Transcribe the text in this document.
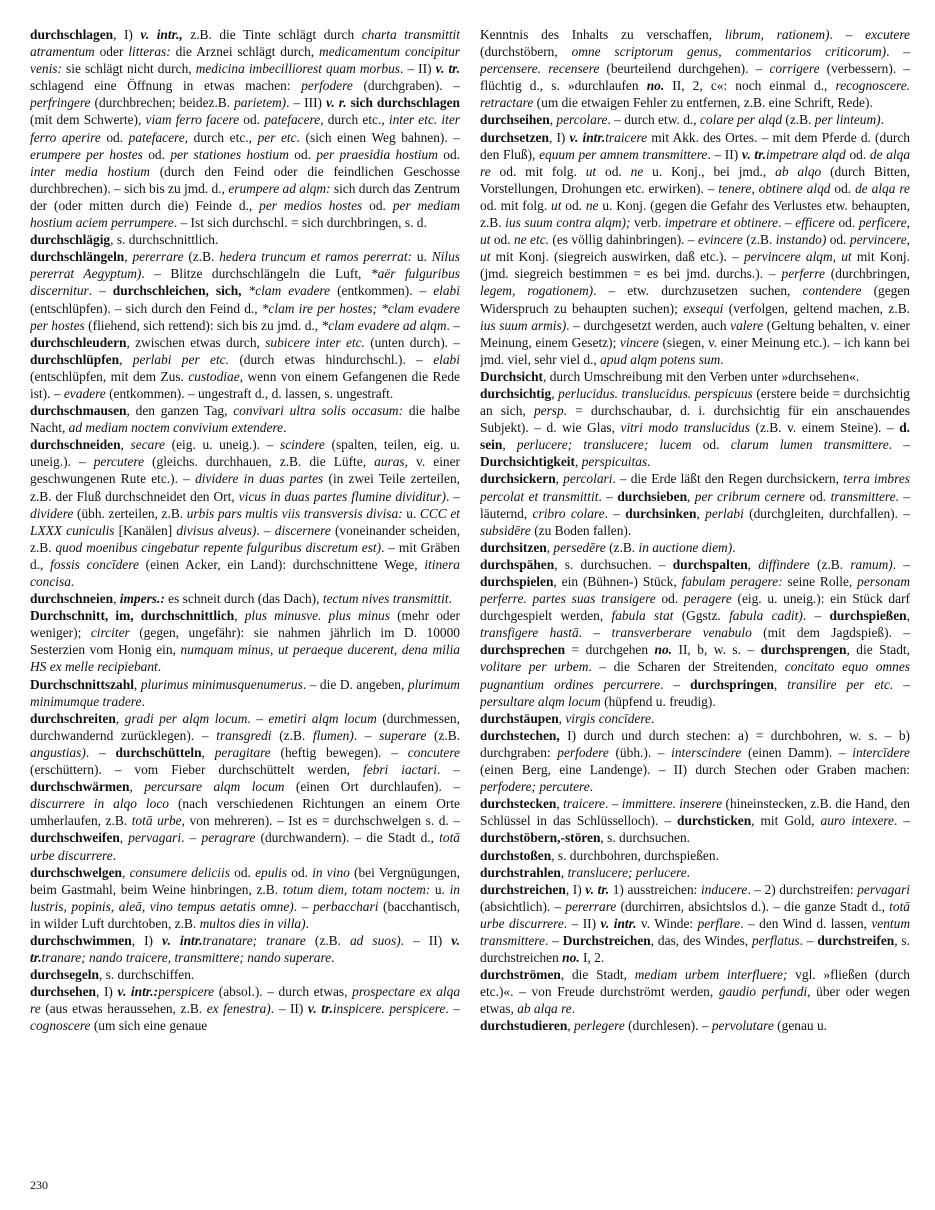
durchschlagen, I) v. intr., z.B. die Tinte schlägt durch charta transmittit atramentum oder litteras: die Arznei schlägt durch, medicamentum concipitur venis: sie schlägt nicht durch, medicina imbecilliorest quam morbus. – II) v. tr. schlagend eine Öffnung in etwas machen: perfodere (durchgraben). – perfringere (durchbrechen; beidez.B. parietem). – III) v. r. sich durchschlagen (mit dem Schwerte), viam ferro facere od. patefacere, durch etc., inter etc. iter ferro aperire od. patefacere, durch etc., per etc. (sich einen Weg bahnen). – erumpere per hostes od. per stationes hostium od. per praesidia hostium od. inter media hostium (durch den Feind oder die feindlichen Geschosse durchbrechen). – sich bis zu jmd. d., erumpere ad alqm: sich durch das Zentrum der (oder mitten durch die) Feinde d., per medios hostes od. per mediam hostium aciem perrumpere. – Ist sich durchschl. = sich durchbringen, s. d.

durchschlägig, s. durchschnittlich.

durchschlängeln, pererrare (z.B. hedera truncum et ramos pererrat: u. Nilus pererrat Aegyptum). – Blitze durchschlängeln die Luft, *aër fulguribus discernitur. – durchschleichen, sich, *clam evadere (entkommen). – elabi (entschlüpfen). – sich durch den Feind d., *clam ire per hostes; *clam evadere per hostes (fliehend, sich rettend): sich bis zu jmd. d., *clam evadere ad alqm. – durchschleudern, zwischen etwas durch, subicere inter etc. (unten durch). – durchschlüpfen, perlabi per etc. (durch etwas hindurchschl.). – elabi (entschlüpfen, mit dem Zus. custodiae, wenn von einem Gefangenen die Rede ist). – evadere (entkommen). – ungestraft d., d. lassen, s. ungestraft.

durchschmausen, den ganzen Tag, convivari ultra solis occasum: die halbe Nacht, ad mediam noctem convivium extendere.

durchschneiden, secare (eig. u. uneig.). – scindere (spalten, teilen, eig. u. uneig.). – percutere (gleichs. durchhauen, z.B. die Lüfte, auras, v. einer geschwungenen Rute etc.). – dividere in duas partes (in zwei Teile zerteilen, z.B. der Fluß durchschneidet den Ort, vicus in duas partes flumine dividitur). – dividere (übh. zerteilen, z.B. urbis pars multis viis transversis divisa: u. CCC et LXXX cuniculis [Kanälen] divisus alveus). – discernere (voneinander scheiden, z.B. quod moenibus cingebatur repente fulguribus discretum est). – mit Gräben d., fossis concīdere (einen Acker, ein Land): durchschnittene Wege, itinera concisa.

durchschneien, impers.: es schneit durch (das Dach), tectum nives transmittit.

Durchschnitt, im, durchschnittlich, plus minusve. plus minus (mehr oder weniger); circiter (gegen, ungefähr): sie nahmen jährlich im D. 10000 Sesterzien vom Honig ein, numquam minus, ut peraeque ducerent, dena milia HS ex melle recipiebant.

Durchschnittszahl, plurimus minimusquenumerus. – die D. angeben, plurimum minimumque tradere.

durchschreiten, gradi per alqm locum. – emetiri alqm locum (durchmessen, durchwandernd zurücklegen). – transgredi (z.B. flumen). – superare (z.B. angustias). – durchschütteln, peragitare (heftig bewegen). – concutere (erschüttern). – vom Fieber durchschüttelt werden, febri iactari. – durchschwärmen, percursare alqm locum (einen Ort durchlaufen). – discurrere in alqo loco (nach verschiedenen Richtungen an einem Orte umherlaufen, z.B. totā urbe, von mehreren). – Ist es = durchschwelgen s. d. – durchschweifen, pervagari. – peragrare (durchwandern). – die Stadt d., totā urbe discurrere.

durchschwelgen, consumere deliciis od. epulis od. in vino (bei Vergnügungen, beim Gastmahl, beim Weine hinbringen, z.B. totum diem, totam noctem: u. in lustris, popinis, aleā, vino tempus aetatis omne). – perbacchari (bacchantisch, in wilder Luft durchtoben, z.B. multos dies in villa).

durchschwimmen, I) v. intr.tranatare; tranare (z.B. ad suos). – II) v. tr.tranare; nando traicere, transmittere; nando superare.

durchsegeln, s. durchschiffen.

durchsehen, I) v. intr.:perspicere (absol.). – durch etwas, prospectare ex alqa re (aus etwas heraussehen, z.B. ex fenestra). – II) v. tr.inspicere. perspicere. – cognoscere (um sich eine genaue

Kenntnis des Inhalts zu verschaffen, librum, rationem). – excutere (durchstöbern, omne scriptorum genus, commentarios criticorum). – percensere. recensere (beurteilend durchgehen). – corrigere (verbessern). – flüchtig d., s. »durchlaufen no. II, 2, c«: noch einmal d., recognoscere. retractare (um die etwaigen Fehler zu entfernen, z.B. eine Schrift, Rede).

durchseihen, percolare. – durch etw. d., colare per alqd (z.B. per linteum).

durchsetzen, I) v. intr.traicere mit Akk. des Ortes. – mit dem Pferde d. (durch den Fluß), equum per amnem transmittere. – II) v. tr.impetrare alqd od. de alqa re od. mit folg. ut od. ne u. Konj., bei jmd., ab alqo (durch Bitten, Vorstellungen, Drohungen etc. erwirken). – tenere, obtinere alqd od. de alqa re od. mit folg. ut od. ne u. Konj. (gegen die Gefahr des Verlustes etw. behaupten, z.B. ius suum contra alqm); verb. impetrare et obtinere. – efficere od. perficere, ut od. ne etc. (es völlig dahinbringen). – evincere (z.B. instando) od. pervincere, ut mit Konj. (siegreich auswirken, daß etc.). – pervincere alqm, ut mit Konj. (jmd. siegreich bestimmen = es bei jmd. durchs.). – perferre (durchbringen, legem, rogationem). – etw. durchzusetzen suchen, contendere (gegen Widerspruch zu behaupten suchen); exsequi (verfolgen, geltend machen, z.B. ius suum armis). – durchgesetzt werden, auch valere (Geltung behalten, v. einer Meinung, einem Gesetz); vincere (siegen, v. einer Meinung etc.). – ich kann bei jmd. viel, sehr viel d., apud alqm potens sum.

Durchsicht, durch Umschreibung mit den Verben unter »durchsehen«.

durchsichtig, perlucidus. translucidus. perspicuus (erstere beide = durchsichtig an sich, persp. = durchschaubar, d. i. durchsichtig für ein anschauendes Subjekt). – d. wie Glas, vitri modo translucidus (z.B. v. einem Steine). – d. sein, perlucere; translucere; lucem od. clarum lumen transmittere. – Durchsichtigkeit, perspicuitas.

durchsickern, percolari. – die Erde läßt den Regen durchsickern, terra imbres percolat et transmittit. – durchsieben, per cribrum cernere od. transmittere. – läuternd, cribro colare. – durchsinken, perlabi (durchgleiten, durchfallen). – subsidēre (zu Boden fallen).

durchsitzen, persedēre (z.B. in auctione diem).

durchspähen, s. durchsuchen. – durchspalten, diffindere (z.B. ramum). – durchspielen, ein (Bühnen-) Stück, fabulam peragere: seine Rolle, personam perferre. partes suas transigere od. peragere (eig. u. uneig.): ein Stück darf durchgespielt werden, fabula stat (Ggstz. fabula cadit). – durchspießen, transfigere hastā. – transverberare venabulo (mit dem Jagdspieß). – durchsprechen = durchgehen no. II, b, w. s. – durchsprengen, die Stadt, volitare per urbem. – die Scharen der Streitenden, concitato equo omnes pugnantium ordines percurrere. – durchspringen, transilire per etc. – persultare alqm locum (hüpfend u. freudig).

durchstäupen, virgis concīdere.

durchstechen, I) durch und durch stechen: a) = durchbohren, w. s. – b) durchgraben: perfodere (übh.). – interscindere (einen Damm). – intercīdere (einen Berg, eine Landenge). – II) durch Stechen oder Graben machen: perfodere; percutere.

durchstecken, traicere. – immittere. inserere (hineinstecken, z.B. die Hand, den Schlüssel in das Schlüsselloch). – durchsticken, mit Gold, auro intexere. – durchstöbern,-stören, s. durchsuchen.

durchstoßen, s. durchbohren, durchspießen.

durchstrahlen, translucere; perlucere.

durchstreichen, I) v. tr. 1) ausstreichen: inducere. – 2) durchstreifen: pervagari (absichtlich). – pererrare (durchirren, absichtslos d.). – die ganze Stadt d., totā urbe discurrere. – II) v. intr. v. Winde: perflare. – den Wind d. lassen, ventum transmittere. – Durchstreichen, das, des Windes, perflatus. – durchstreifen, s. durchstreichen no. I, 2.

durchströmen, die Stadt, mediam urbem interfluere; vgl. »fließen (durch etc.)«. – von Freude durchströmt werden, gaudio perfundi, über oder wegen etwas, ab alqa re.

durchstudieren, perlegere (durchlesen). – pervolutare (genau u.

230
